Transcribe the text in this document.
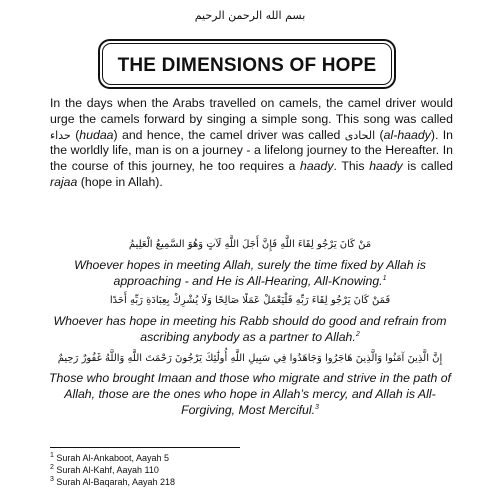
بسم الله الرحمن الرحيم
THE DIMENSIONS OF HOPE
In the days when the Arabs travelled on camels, the camel driver would urge the camels forward by singing a simple song. This song was called حداء (hudaa) and hence, the camel driver was called الحادى (al-haady). In the worldly life, man is on a journey - a lifelong journey to the Hereafter. In the course of this journey, he too requires a haady. This haady is called rajaa (hope in Allah).
مَنْ كَانَ يَرْجُو لِقَاءَ اللَّهِ فَإِنَّ أَجَلَ اللَّهِ لَآتٍ وَهُوَ السَّمِيعُ الْعَلِيمُ
Whoever hopes in meeting Allah, surely the time fixed by Allah is approaching - and He is All-Hearing, All-Knowing.$^1$
فَمَنْ كَانَ يَرْجُو لِقَاءَ رَبِّهِ فَلْيَعْمَلْ عَمَلًا صَالِحًا وَلَا يُشْرِكْ بِعِبَادَةِ رَبِّهِ أَحَدًا
Whoever has hope in meeting his Rabb should do good and refrain from ascribing anybody as a partner to Allah.$^2$
إِنَّ الَّذِينَ آمَنُوا وَالَّذِينَ هَاجَرُوا وَجَاهَدُوا فِي سَبِيلِ اللَّهِ أُولَٰئِكَ يَرْجُونَ رَحْمَتَ اللَّهِ وَاللَّهُ غَفُورٌ رَحِيمٌ
Those who brought Imaan and those who migrate and strive in the path of Allah, those are the ones who hope in Allah’s mercy, and Allah is All-Forgiving, Most Merciful.$^3$
$^1$ Surah Al-Ankaboot, Aayah 5
$^2$ Surah Al-Kahf, Aayah 110
$^3$ Surah Al-Baqarah, Aayah 218
